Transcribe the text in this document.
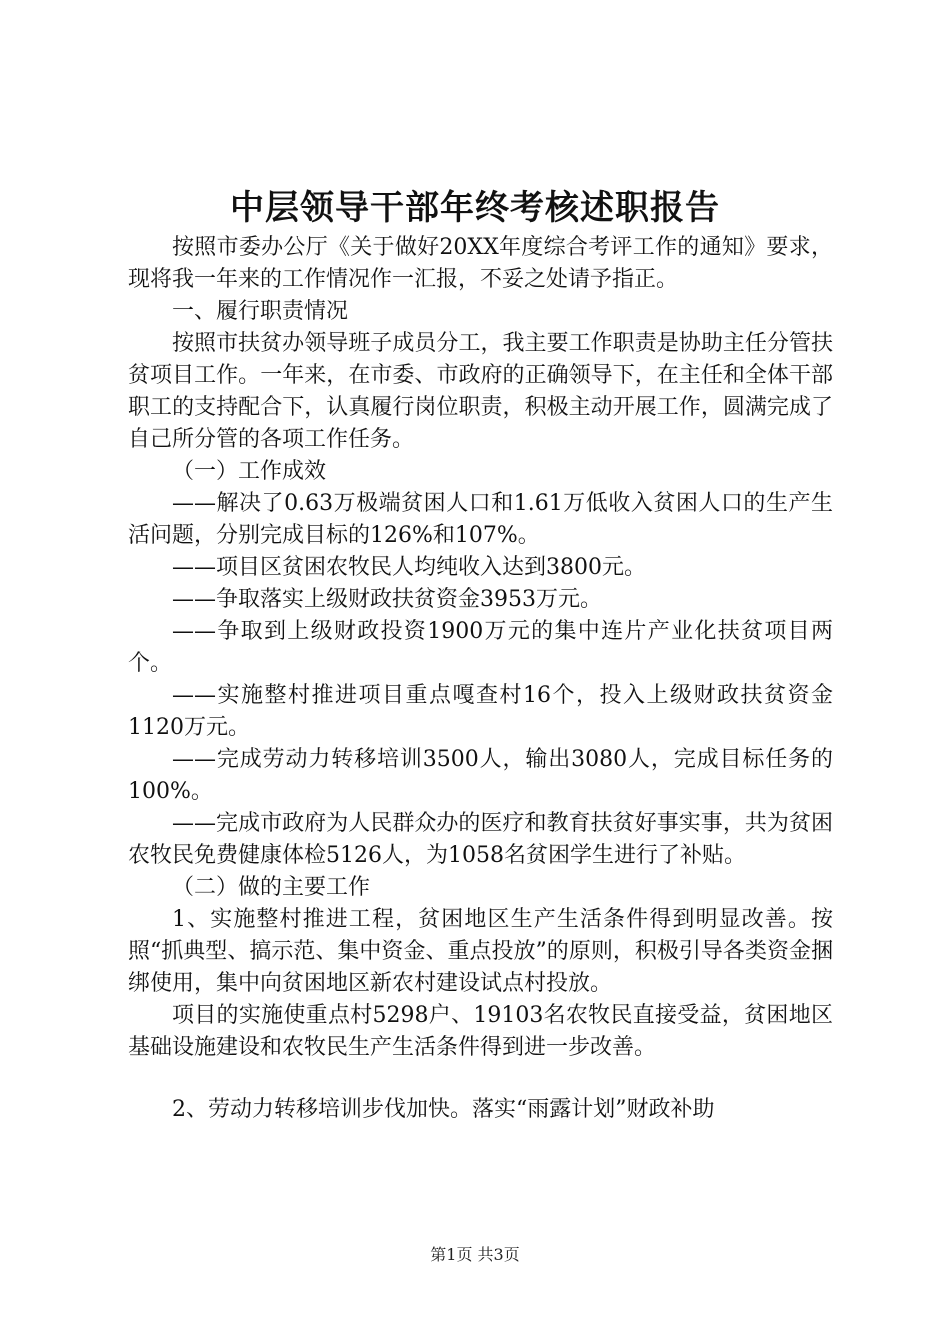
中层领导干部年终考核述职报告

按照市委办公厅《关于做好20XX年度综合考评工作的通知》要求，现将我一年来的工作情况作一汇报，不妥之处请予指正。

一、履行职责情况

按照市扶贫办领导班子成员分工，我主要工作职责是协助主任分管扶贫项目工作。一年来，在市委、市政府的正确领导下，在主任和全体干部职工的支持配合下，认真履行岗位职责，积极主动开展工作，圆满完成了自己所分管的各项工作任务。

（一）工作成效

——解决了0.63万极端贫困人口和1.61万低收入贫困人口的生产生活问题，分别完成目标的126%和107%。

——项目区贫困农牧民人均纯收入达到3800元。

——争取落实上级财政扶贫资金3953万元。

——争取到上级财政投资1900万元的集中连片产业化扶贫项目两个。

——实施整村推进项目重点嘎查村16个，投入上级财政扶贫资金1120万元。

——完成劳动力转移培训3500人，输出3080人，完成目标任务的100%。

——完成市政府为人民群众办的医疗和教育扶贫好事实事，共为贫困农牧民免费健康体检5126人，为1058名贫困学生进行了补贴。

（二）做的主要工作

1、实施整村推进工程，贫困地区生产生活条件得到明显改善。按照“抓典型、搞示范、集中资金、重点投放”的原则，积极引导各类资金捆绑使用，集中向贫困地区新农村建设试点村投放。

项目的实施使重点村5298户、19103名农牧民直接受益，贫困地区基础设施建设和农牧民生产生活条件得到进一步改善。

2、劳动力转移培训步伐加快。落实“雨露计划”财政补助

第1页 共3页
